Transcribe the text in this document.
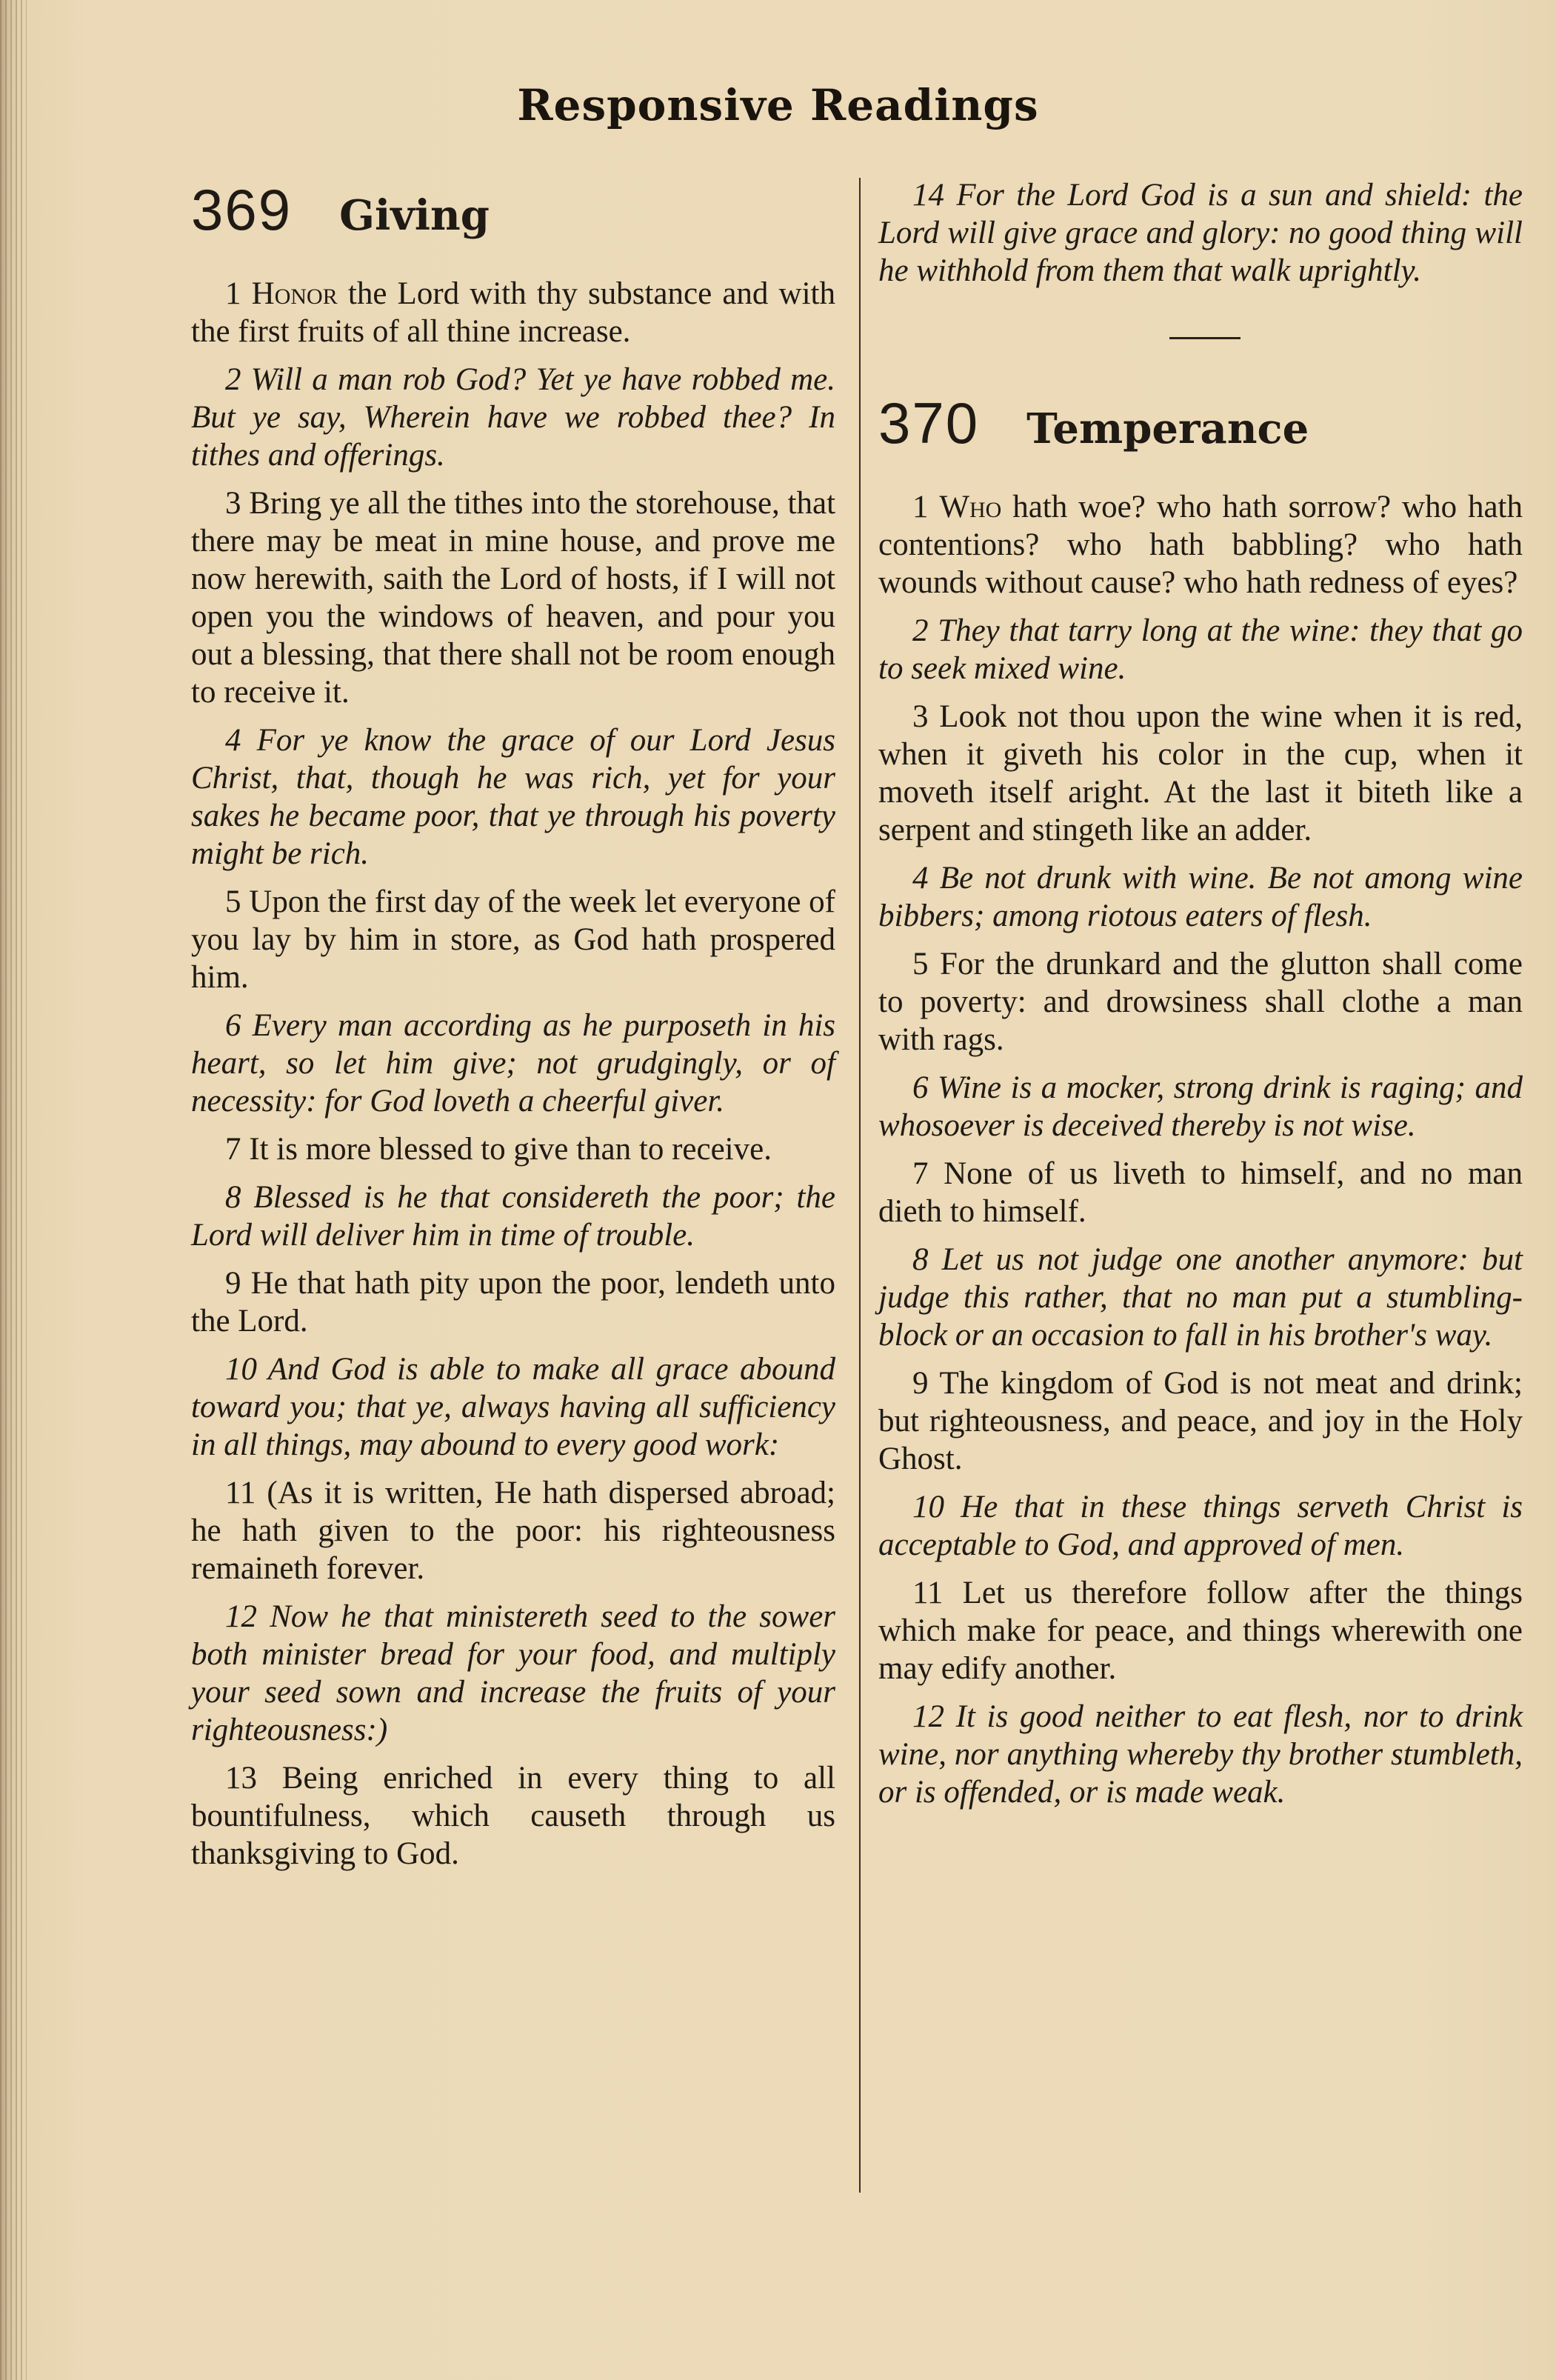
Responsive Readings
369 Giving

1 Honor the Lord with thy substance and with the first fruits of all thine increase.

2 Will a man rob God? Yet ye have robbed me. But ye say, Wherein have we robbed thee? In tithes and offerings.

3 Bring ye all the tithes into the storehouse, that there may be meat in mine house, and prove me now herewith, saith the Lord of hosts, if I will not open you the windows of heaven, and pour you out a blessing, that there shall not be room enough to receive it.

4 For ye know the grace of our Lord Jesus Christ, that, though he was rich, yet for your sakes he became poor, that ye through his poverty might be rich.

5 Upon the first day of the week let everyone of you lay by him in store, as God hath prospered him.

6 Every man according as he purposeth in his heart, so let him give; not grudgingly, or of necessity: for God loveth a cheerful giver.

7 It is more blessed to give than to receive.

8 Blessed is he that considereth the poor; the Lord will deliver him in time of trouble.

9 He that hath pity upon the poor, lendeth unto the Lord.

10 And God is able to make all grace abound toward you; that ye, always having all sufficiency in all things, may abound to every good work:

11 (As it is written, He hath dispersed abroad; he hath given to the poor: his righteousness remaineth forever.

12 Now he that ministereth seed to the sower both minister bread for your food, and multiply your seed sown and increase the fruits of your righteousness:)

13 Being enriched in every thing to all bountifulness, which causeth through us thanksgiving to God.

14 For the Lord God is a sun and shield: the Lord will give grace and glory: no good thing will he withhold from them that walk uprightly.

370 Temperance

1 Who hath woe? who hath sorrow? who hath contentions? who hath babbling? who hath wounds without cause? who hath redness of eyes?

2 They that tarry long at the wine: they that go to seek mixed wine.

3 Look not thou upon the wine when it is red, when it giveth his color in the cup, when it moveth itself aright. At the last it biteth like a serpent and stingeth like an adder.

4 Be not drunk with wine. Be not among wine bibbers; among riotous eaters of flesh.

5 For the drunkard and the glutton shall come to poverty: and drowsiness shall clothe a man with rags.

6 Wine is a mocker, strong drink is raging; and whosoever is deceived thereby is not wise.

7 None of us liveth to himself, and no man dieth to himself.

8 Let us not judge one another anymore: but judge this rather, that no man put a stumbling-block or an occasion to fall in his brother's way.

9 The kingdom of God is not meat and drink; but righteousness, and peace, and joy in the Holy Ghost.

10 He that in these things serveth Christ is acceptable to God, and approved of men.

11 Let us therefore follow after the things which make for peace, and things wherewith one may edify another.

12 It is good neither to eat flesh, nor to drink wine, nor anything whereby thy brother stumbleth, or is offended, or is made weak.
